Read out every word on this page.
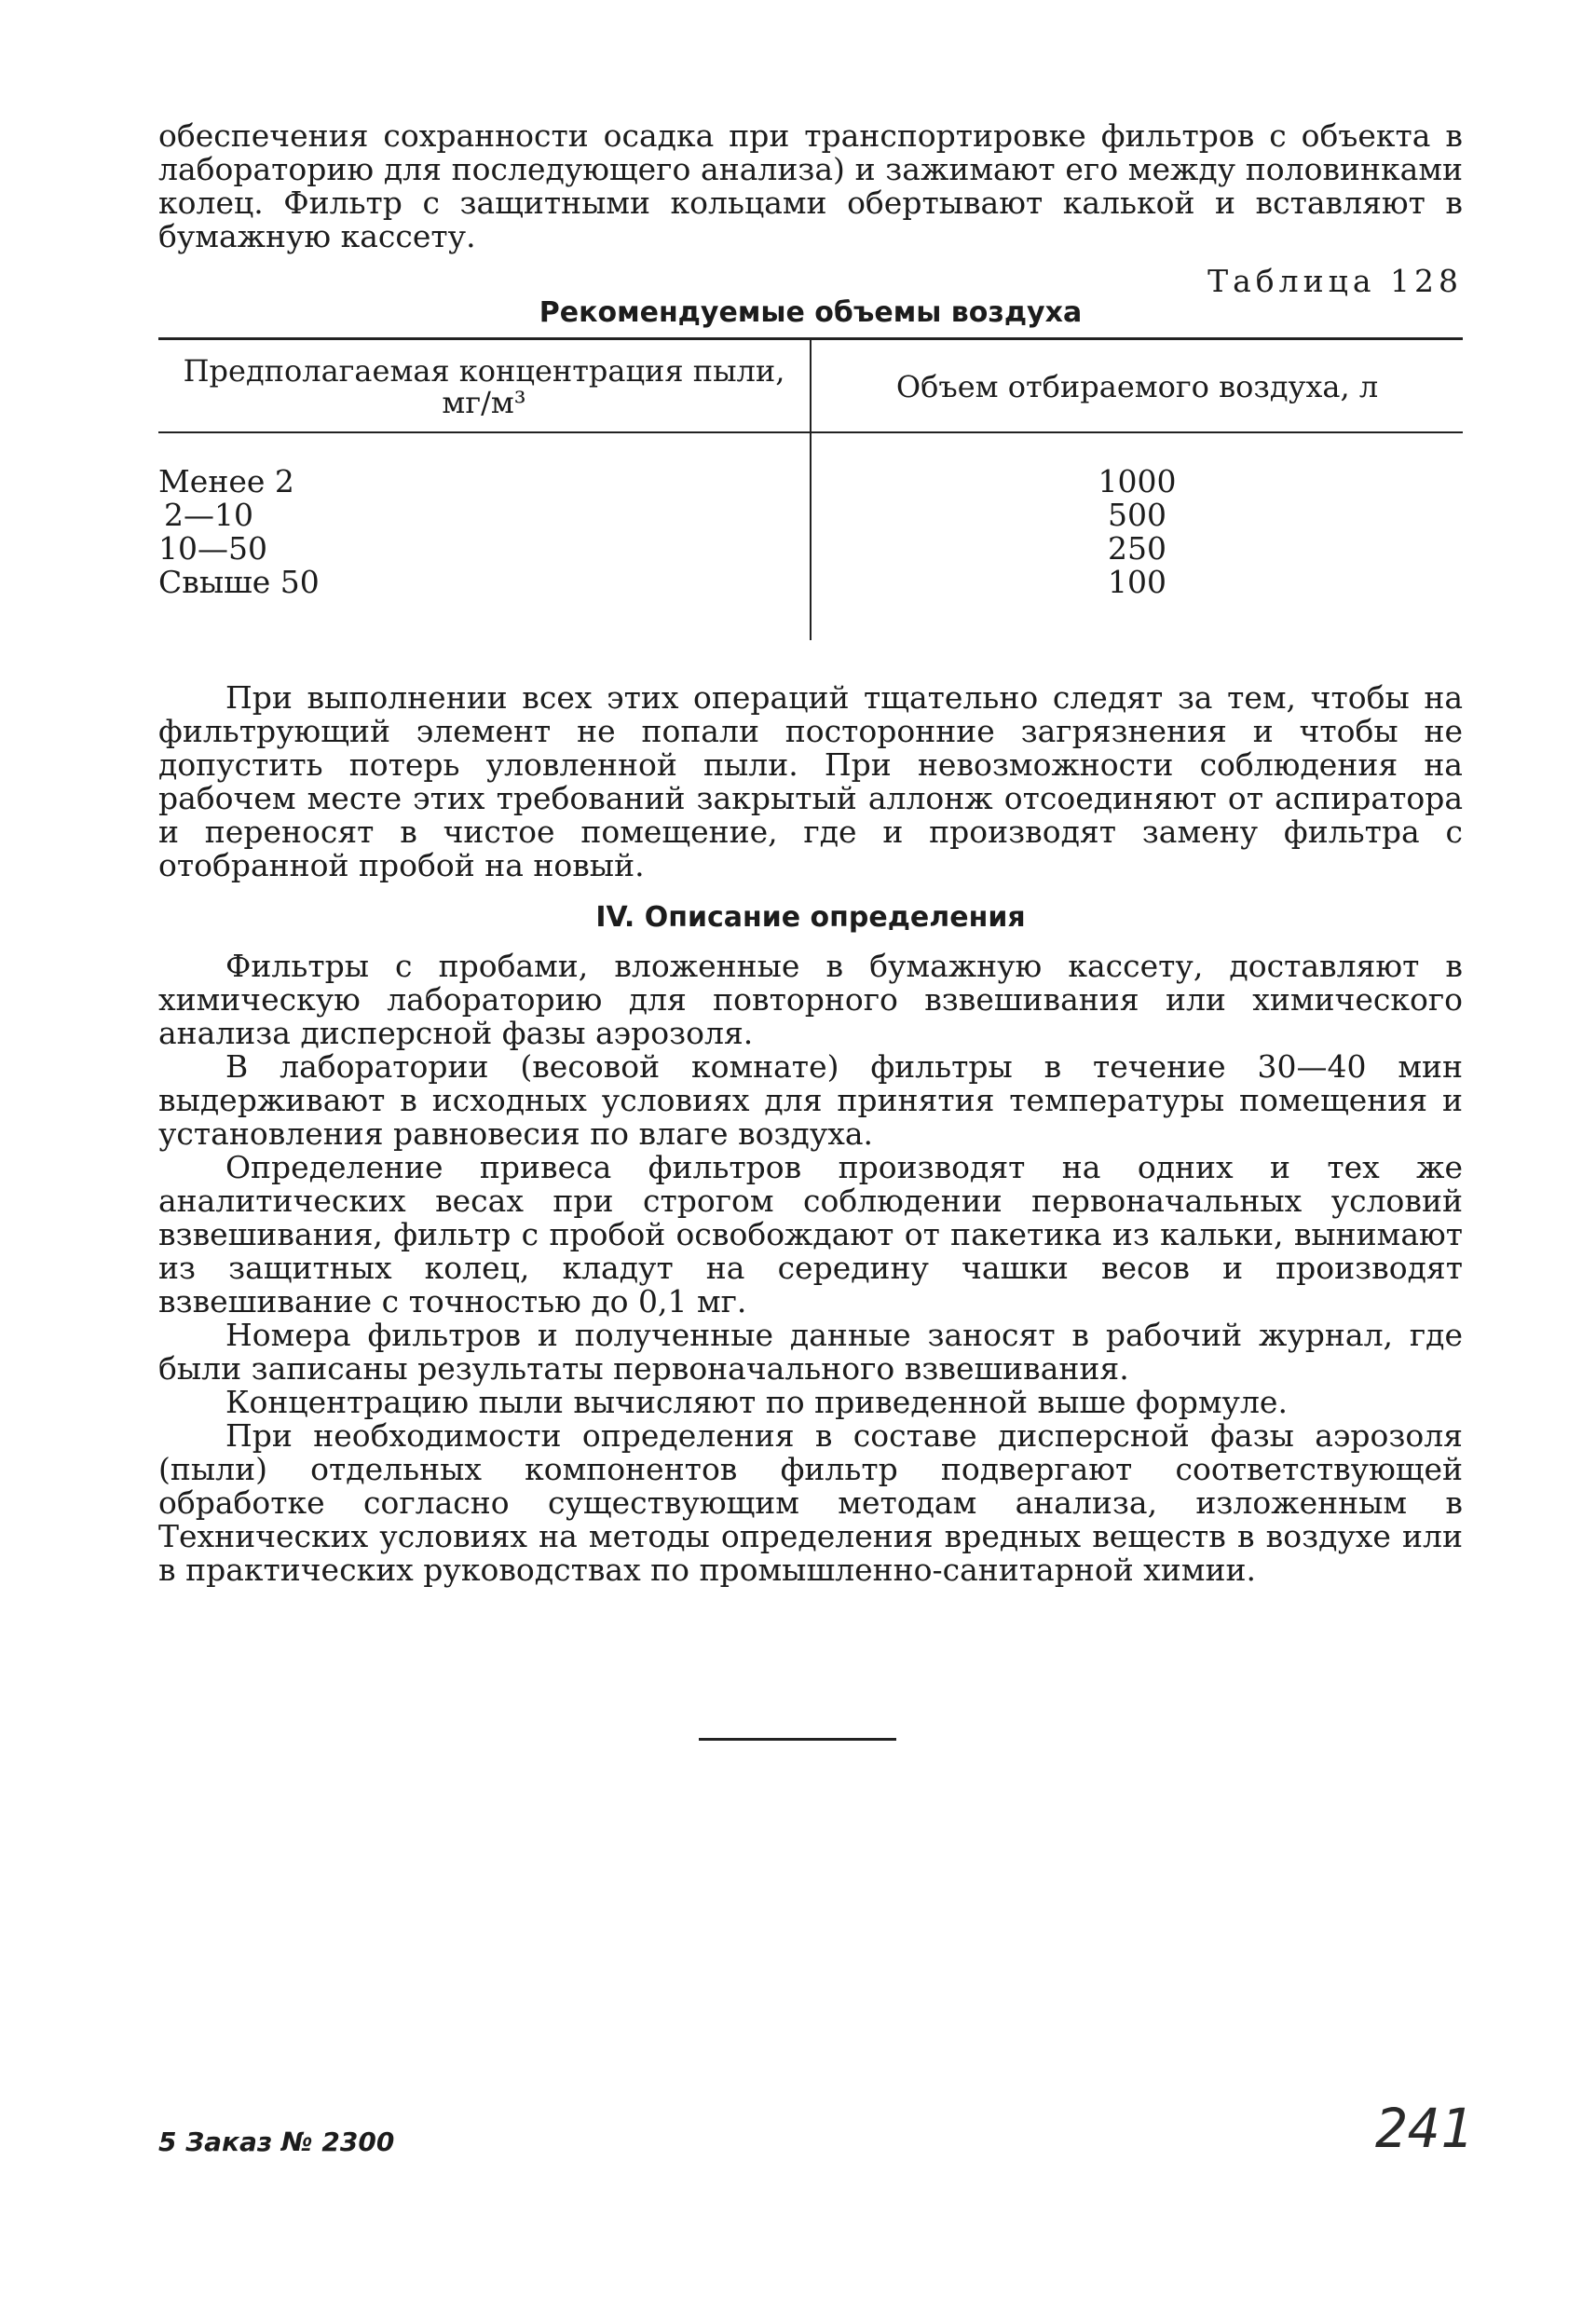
обеспечения сохранности осадка при транспортировке фильтров с объекта в лабораторию для последующего анализа) и зажимают его между половинками колец. Фильтр с защитными кольцами обертывают калькой и вставляют в бумажную кассету.

Таблица 128
Рекомендуемые объемы воздуха
Предполагаемая концентрация пыли, мг/м³	Объем отбираемого воздуха, л
Менее 2	1000
2—10	500
10—50	250
Свыше 50	100

При выполнении всех этих операций тщательно следят за тем, чтобы на фильтрующий элемент не попали посторонние загрязнения и чтобы не допустить потерь уловленной пыли. При невозможности соблюдения на рабочем месте этих требований закрытый аллонж отсоединяют от аспиратора и переносят в чистое помещение, где и производят замену фильтра с отобранной пробой на новый.

IV. Описание определения

Фильтры с пробами, вложенные в бумажную кассету, доставляют в химическую лабораторию для повторного взвешивания или химического анализа дисперсной фазы аэрозоля.

В лаборатории (весовой комнате) фильтры в течение 30—40 мин выдерживают в исходных условиях для принятия температуры помещения и установления равновесия по влаге воздуха.

Определение привеса фильтров производят на одних и тех же аналитических весах при строгом соблюдении первоначальных условий взвешивания, фильтр с пробой освобождают от пакетика из кальки, вынимают из защитных колец, кладут на середину чашки весов и производят взвешивание с точностью до 0,1 мг.

Номера фильтров и полученные данные заносят в рабочий журнал, где были записаны результаты первоначального взвешивания.

Концентрацию пыли вычисляют по приведенной выше формуле.

При необходимости определения в составе дисперсной фазы аэрозоля (пыли) отдельных компонентов фильтр подвергают соответствующей обработке согласно существующим методам анализа, изложенным в Технических условиях на методы определения вредных веществ в воздухе или в практических руководствах по промышленно-санитарной химии.

5 Заказ № 2300	241
